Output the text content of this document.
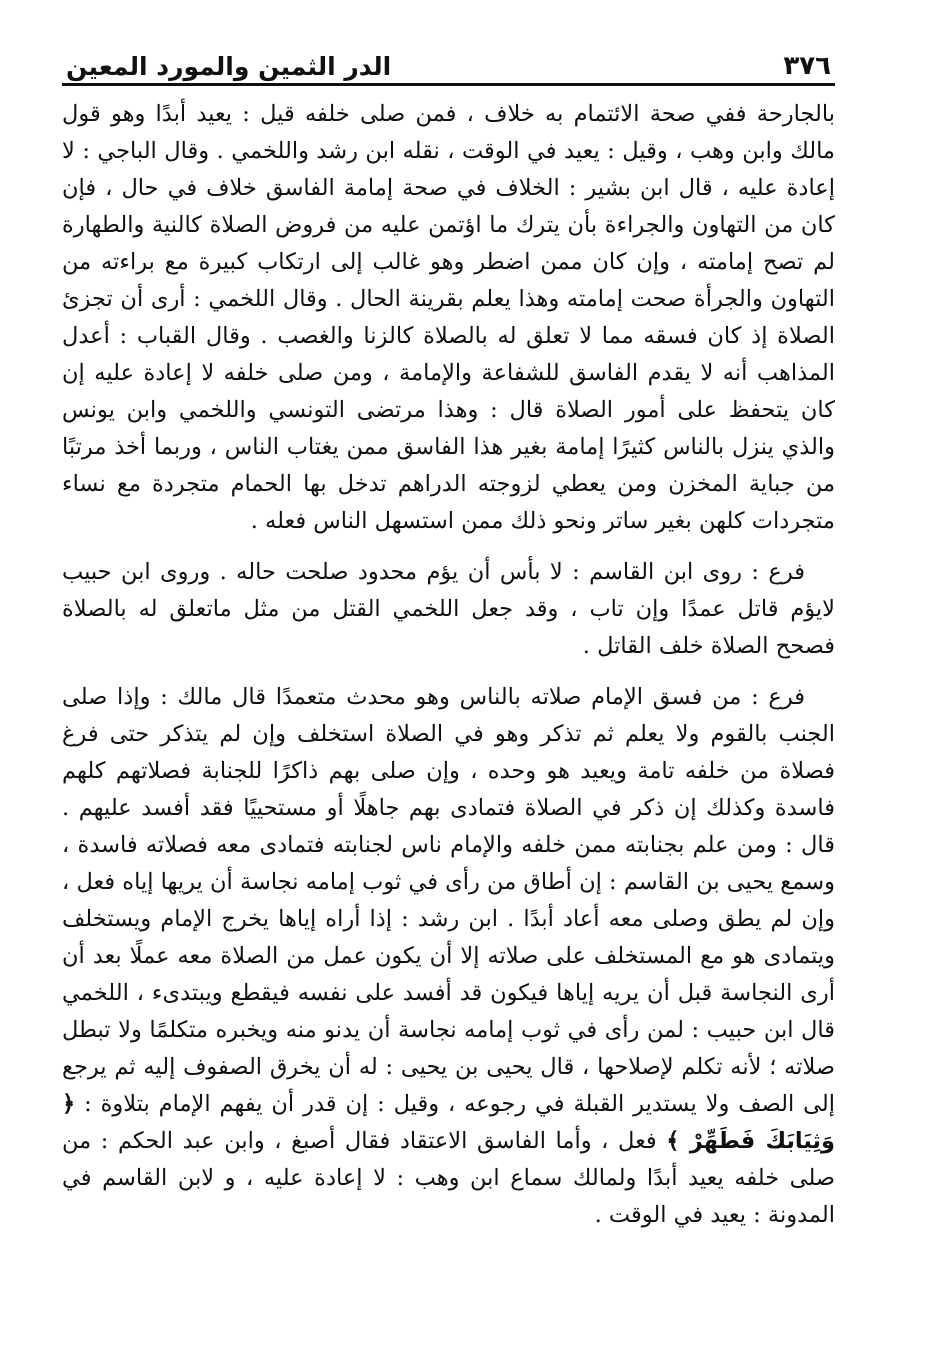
٣٧٦
الدر الثمين والمورد المعين

بالجارحة ففي صحة الائتمام به خلاف ، فمن صلى خلفه قيل : يعيد أبدًا وهو قول مالك وابن وهب ، وقيل : يعيد في الوقت ، نقله ابن رشد واللخمي . وقال الباجي : لا إعادة عليه ، قال ابن بشير : الخلاف في صحة إمامة الفاسق خلاف في حال ، فإن كان من التهاون والجراءة بأن يترك ما اؤتمن عليه من فروض الصلاة كالنية والطهارة لم تصح إمامته ، وإن كان ممن اضطر وهو غالب إلى ارتكاب كبيرة مع براءته من التهاون والجرأة صحت إمامته وهذا يعلم بقرينة الحال . وقال اللخمي : أرى أن تجزئ الصلاة إذ كان فسقه مما لا تعلق له بالصلاة كالزنا والغصب . وقال القباب : أعدل المذاهب أنه لا يقدم الفاسق للشفاعة والإمامة ، ومن صلى خلفه لا إعادة عليه إن كان يتحفظ على أمور الصلاة قال : وهذا مرتضى التونسي واللخمي وابن يونس والذي ينزل بالناس كثيرًا إمامة بغير هذا الفاسق ممن يغتاب الناس ، وربما أخذ مرتبًا من جباية المخزن ومن يعطي لزوجته الدراهم تدخل بها الحمام متجردة مع نساء متجردات كلهن بغير ساتر ونحو ذلك ممن استسهل الناس فعله .

فرع : روى ابن القاسم : لا بأس أن يؤم محدود صلحت حاله . وروى ابن حبيب لايؤم قاتل عمدًا وإن تاب ، وقد جعل اللخمي القتل من مثل ماتعلق له بالصلاة فصحح الصلاة خلف القاتل .

فرع : من فسق الإمام صلاته بالناس وهو محدث متعمدًا قال مالك : وإذا صلى الجنب بالقوم ولا يعلم ثم تذكر وهو في الصلاة استخلف وإن لم يتذكر حتى فرغ فصلاة من خلفه تامة ويعيد هو وحده ، وإن صلى بهم ذاكرًا للجنابة فصلاتهم كلهم فاسدة وكذلك إن ذكر في الصلاة فتمادى بهم جاهلًا أو مستحييًا فقد أفسد عليهم . قال : ومن علم بجنابته ممن خلفه والإمام ناس لجنابته فتمادى معه فصلاته فاسدة ، وسمع يحيى بن القاسم : إن أطاق من رأى في ثوب إمامه نجاسة أن يريها إياه فعل ، وإن لم يطق وصلى معه أعاد أبدًا . ابن رشد : إذا أراه إياها يخرج الإمام ويستخلف ويتمادى هو مع المستخلف على صلاته إلا أن يكون عمل من الصلاة معه عملًا بعد أن أرى النجاسة قبل أن يريه إياها فيكون قد أفسد على نفسه فيقطع ويبتدىء ، اللخمي قال ابن حبيب : لمن رأى في ثوب إمامه نجاسة أن يدنو منه ويخبره متكلمًا ولا تبطل صلاته ؛ لأنه تكلم لإصلاحها ، قال يحيى بن يحيى : له أن يخرق الصفوف إليه ثم يرجع إلى الصف ولا يستدير القبلة في رجوعه ، وقيل : إن قدر أن يفهم الإمام بتلاوة : ﴿ وَثِيَابَكَ فَطَهِّرْ ﴾ فعل ، وأما الفاسق الاعتقاد فقال أصبغ ، وابن عبد الحكم : من صلى خلفه يعيد أبدًا ولمالك سماع ابن وهب : لا إعادة عليه ، و لابن القاسم في المدونة : يعيد في الوقت .
